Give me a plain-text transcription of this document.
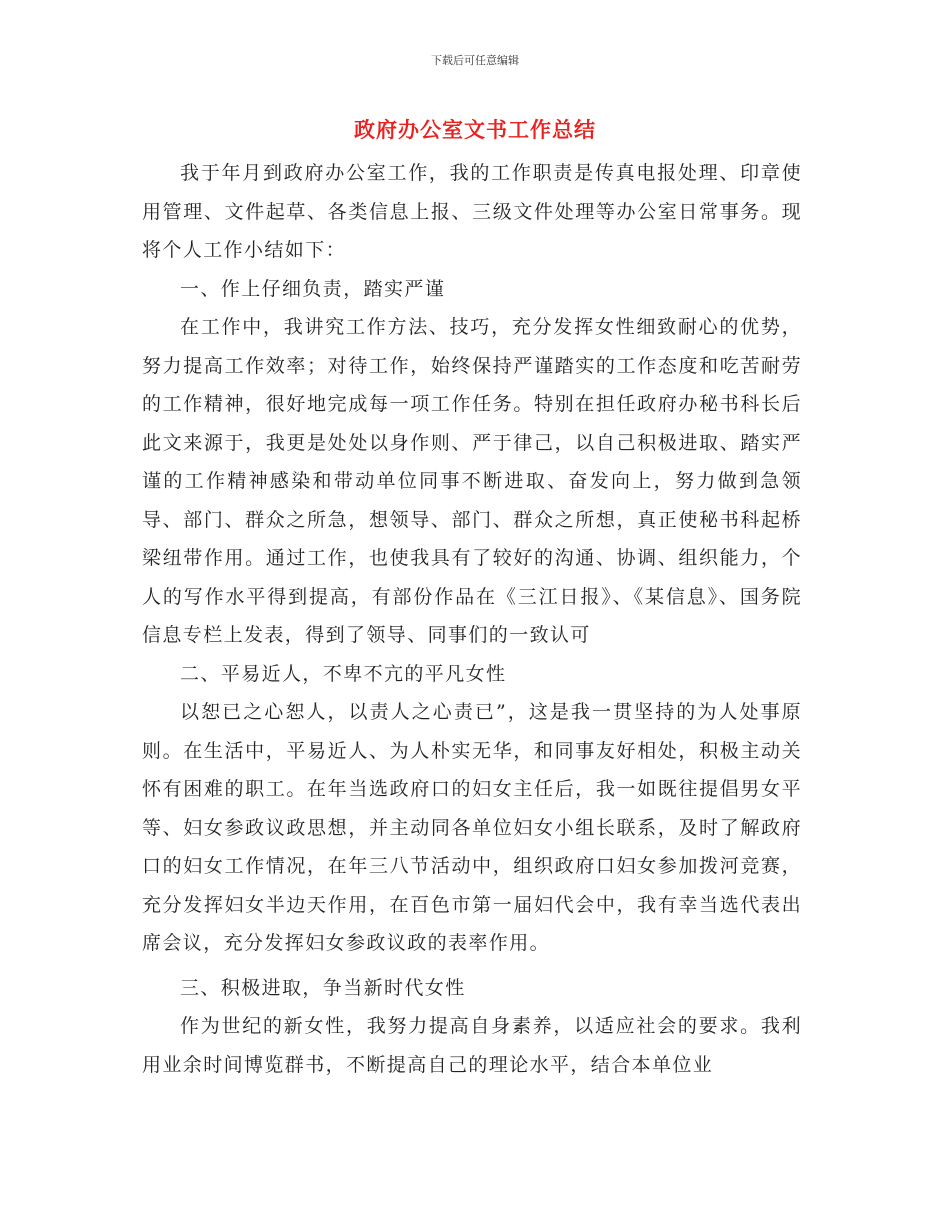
下载后可任意编辑
政府办公室文书工作总结

我于年月到政府办公室工作，我的工作职责是传真电报处理、印章使用管理、文件起草、各类信息上报、三级文件处理等办公室日常事务。现将个人工作小结如下：

一、作上仔细负责，踏实严谨

在工作中，我讲究工作方法、技巧，充分发挥女性细致耐心的优势，努力提高工作效率；对待工作，始终保持严谨踏实的工作态度和吃苦耐劳的工作精神，很好地完成每一项工作任务。特别在担任政府办秘书科长后此文来源于，我更是处处以身作则、严于律己，以自己积极进取、踏实严谨的工作精神感染和带动单位同事不断进取、奋发向上，努力做到急领导、部门、群众之所急，想领导、部门、群众之所想，真正使秘书科起桥梁纽带作用。通过工作，也使我具有了较好的沟通、协调、组织能力，个人的写作水平得到提高，有部份作品在《三江日报》、《某信息》、国务院信息专栏上发表，得到了领导、同事们的一致认可

二、平易近人，不卑不亢的平凡女性

以恕已之心恕人，以责人之心责已”，这是我一贯坚持的为人处事原则。在生活中，平易近人、为人朴实无华，和同事友好相处，积极主动关怀有困难的职工。在年当选政府口的妇女主任后，我一如既往提倡男女平等、妇女参政议政思想，并主动同各单位妇女小组长联系，及时了解政府口的妇女工作情况，在年三八节活动中，组织政府口妇女参加拨河竞赛，充分发挥妇女半边天作用，在百色市第一届妇代会中，我有幸当选代表出席会议，充分发挥妇女参政议政的表率作用。

三、积极进取，争当新时代女性

作为世纪的新女性，我努力提高自身素养，以适应社会的要求。我利用业余时间博览群书，不断提高自己的理论水平，结合本单位业
